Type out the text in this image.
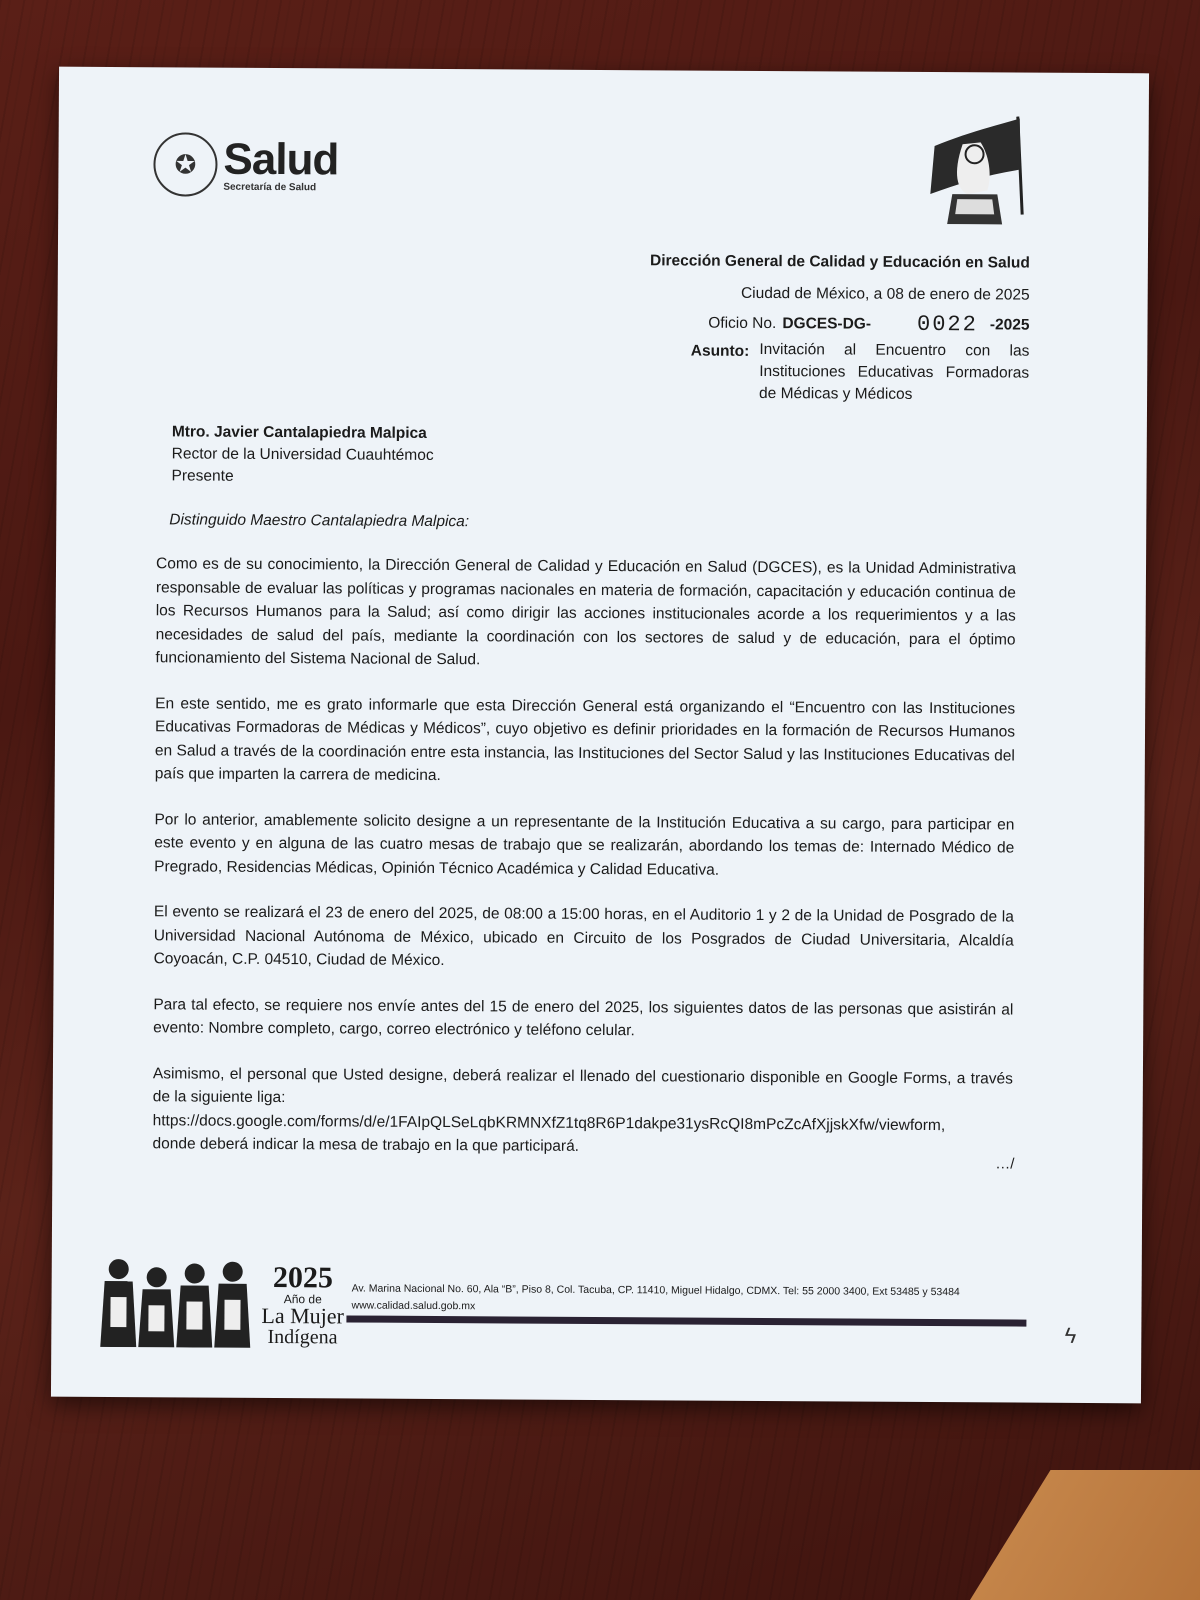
✪ Salud
Secretaría de Salud
Dirección General de Calidad y Educación en Salud
Ciudad de México, a 08 de enero de 2025
Oficio No. DGCES-DG- 0022 -2025
Asunto: Invitación al Encuentro con las Instituciones Educativas Formadoras de Médicas y Médicos
Mtro. Javier Cantalapiedra Malpica
Rector de la Universidad Cuauhtémoc
Presente
Distinguido Maestro Cantalapiedra Malpica:

Como es de su conocimiento, la Dirección General de Calidad y Educación en Salud (DGCES), es la Unidad Administrativa responsable de evaluar las políticas y programas nacionales en materia de formación, capacitación y educación continua de los Recursos Humanos para la Salud; así como dirigir las acciones institucionales acorde a los requerimientos y a las necesidades de salud del país, mediante la coordinación con los sectores de salud y de educación, para el óptimo funcionamiento del Sistema Nacional de Salud.

En este sentido, me es grato informarle que esta Dirección General está organizando el “Encuentro con las Instituciones Educativas Formadoras de Médicas y Médicos”, cuyo objetivo es definir prioridades en la formación de Recursos Humanos en Salud a través de la coordinación entre esta instancia, las Instituciones del Sector Salud y las Instituciones Educativas del país que imparten la carrera de medicina.

Por lo anterior, amablemente solicito designe a un representante de la Institución Educativa a su cargo, para participar en este evento y en alguna de las cuatro mesas de trabajo que se realizarán, abordando los temas de: Internado Médico de Pregrado, Residencias Médicas, Opinión Técnico Académica y Calidad Educativa.

El evento se realizará el 23 de enero del 2025, de 08:00 a 15:00 horas, en el Auditorio 1 y 2 de la Unidad de Posgrado de la Universidad Nacional Autónoma de México, ubicado en Circuito de los Posgrados de Ciudad Universitaria, Alcaldía Coyoacán, C.P. 04510, Ciudad de México.

Para tal efecto, se requiere nos envíe antes del 15 de enero del 2025, los siguientes datos de las personas que asistirán al evento: Nombre completo, cargo, correo electrónico y teléfono celular.

Asimismo, el personal que Usted designe, deberá realizar el llenado del cuestionario disponible en Google Forms, a través de la siguiente liga:
https://docs.google.com/forms/d/e/1FAIpQLSeLqbKRMNXfZ1tq8R6P1dakpe31ysRcQI8mPcZcAfXjjskXfw/viewform,
donde deberá indicar la mesa de trabajo en la que participará.

…/
2025
Año de
La Mujer
Indígena
Av. Marina Nacional No. 60, Ala “B”, Piso 8, Col. Tacuba, CP. 11410, Miguel Hidalgo, CDMX. Tel: 55 2000 3400, Ext 53485 y 53484
www.calidad.salud.gob.mx
ϟ
